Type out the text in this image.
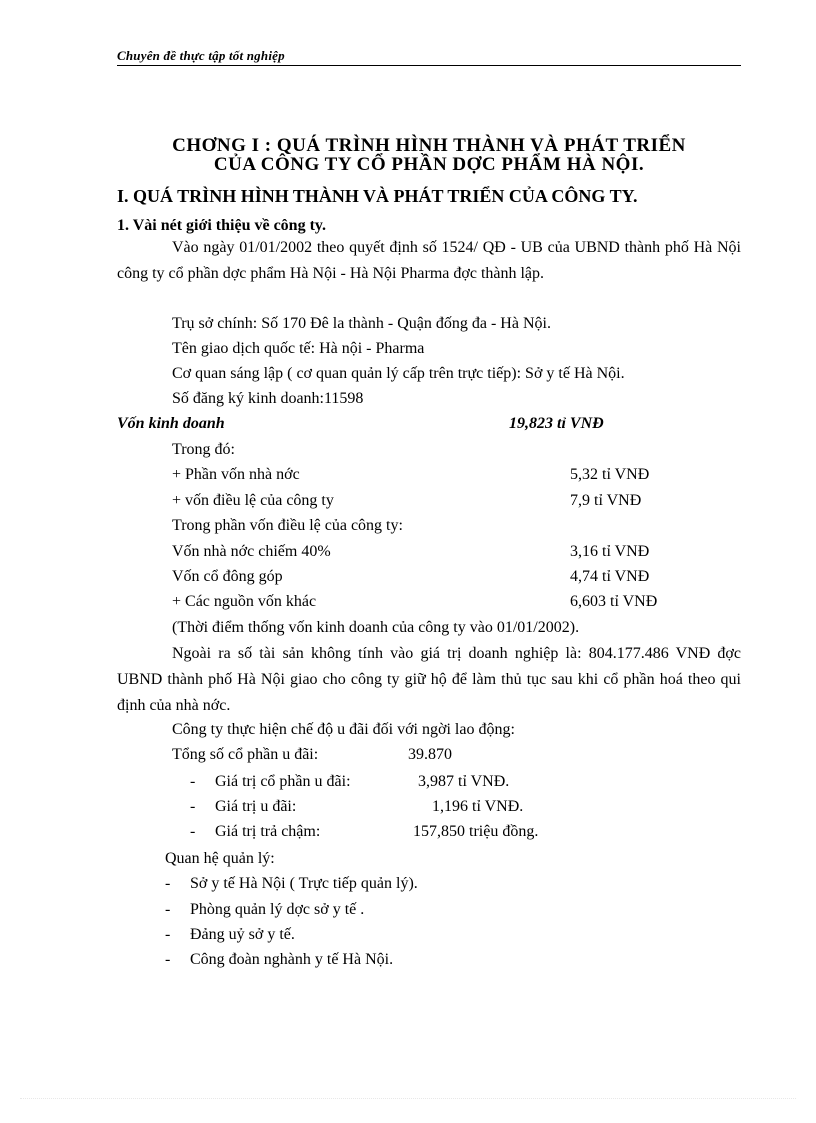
Chuyên đề thực tập tốt nghiệp
CHƠNG I : QUÁ TRÌNH HÌNH THÀNH VÀ PHÁT TRIỂN
CỦA CÔNG TY CỔ PHẦN DỢC PHẨM HÀ NỘI.
I. QUÁ TRÌNH HÌNH THÀNH VÀ PHÁT TRIỂN CỦA CÔNG TY.
1. Vài nét giới thiệu về công ty.
Vào ngày 01/01/2002 theo quyết định số 1524/ QĐ - UB của UBND thành phố Hà Nội công ty cổ phần dợc phẩm Hà Nội - Hà Nội Pharma đợc thành lập.
Trụ sở chính: Số 170 Đê la thành - Quận đống đa - Hà Nội.
Tên giao dịch quốc tế: Hà nội - Pharma
Cơ quan sáng lập ( cơ quan quản lý cấp trên trực tiếp): Sở y tế Hà Nội.
Số đăng ký kinh doanh:11598
Vốn kinh doanh	19,823 tỉ VNĐ
Trong đó:
+ Phần vốn nhà nớc	5,32 tỉ VNĐ
+ vốn điều lệ của công ty	7,9 tỉ VNĐ
Trong phần vốn điều lệ của công ty:
Vốn nhà nớc chiếm 40%	3,16 tỉ VNĐ
Vốn cổ đông góp	4,74 tỉ VNĐ
+ Các nguồn vốn khác	6,603 tỉ VNĐ
(Thời điểm thống vốn kinh doanh của công ty vào 01/01/2002).
Ngoài ra số tài sản không tính vào giá trị doanh nghiệp là: 804.177.486 VNĐ đợc UBND thành phố Hà Nội giao cho công ty giữ hộ để làm thủ tục sau khi cổ phần hoá theo qui định của nhà nớc.
Công ty thực hiện chế độ u đãi đối với ngời lao động:
Tổng số cổ phần u đãi:	39.870
- Giá trị cổ phần u đãi:	3,987 tỉ VNĐ.
- Giá trị u đãi:	1,196 tỉ VNĐ.
- Giá trị trả chậm:	157,850 triệu đồng.
Quan hệ quản lý:
- Sở y tế Hà Nội ( Trực tiếp quản lý).
- Phòng quản lý dợc sở y tế .
- Đảng uỷ sở y tế.
- Công đoàn nghành y tế Hà Nội.
